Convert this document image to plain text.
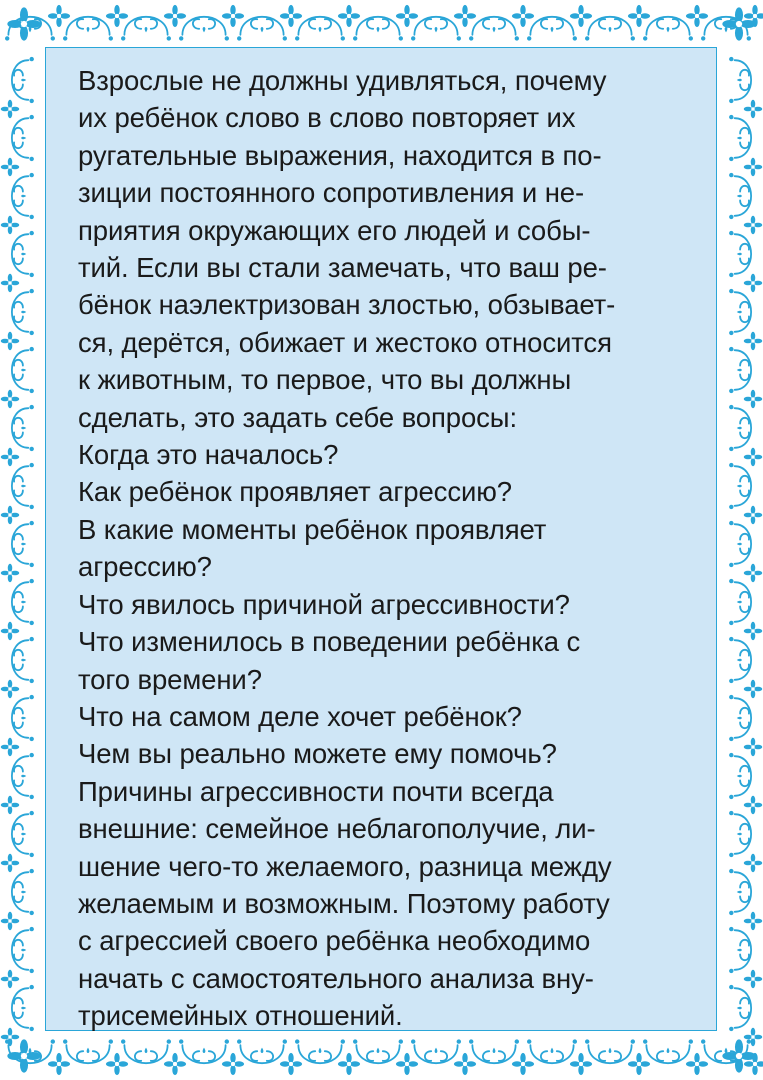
Взрослые не должны удивляться, почему
их ребёнок слово в слово повторяет их
ругательные выражения, находится в по-
зиции постоянного сопротивления и не-
приятия окружающих его людей и собы-
тий. Если вы стали замечать, что ваш ре-
бёнок наэлектризован злостью, обзывает-
ся, дерётся, обижает и жестоко относится
к животным, то первое, что вы должны
сделать, это задать себе вопросы:
Когда это началось?
Как ребёнок проявляет агрессию?
В какие моменты ребёнок проявляет
агрессию?
Что явилось причиной агрессивности?
Что изменилось в поведении ребёнка с
того времени?
Что на самом деле хочет ребёнок?
Чем вы реально можете ему помочь?
Причины агрессивности почти всегда
внешние: семейное неблагополучие, ли-
шение чего-то желаемого, разница между
желаемым и возможным. Поэтому работу
с агрессией своего ребёнка необходимо
начать с самостоятельного анализа вну-
трисемейных отношений.
